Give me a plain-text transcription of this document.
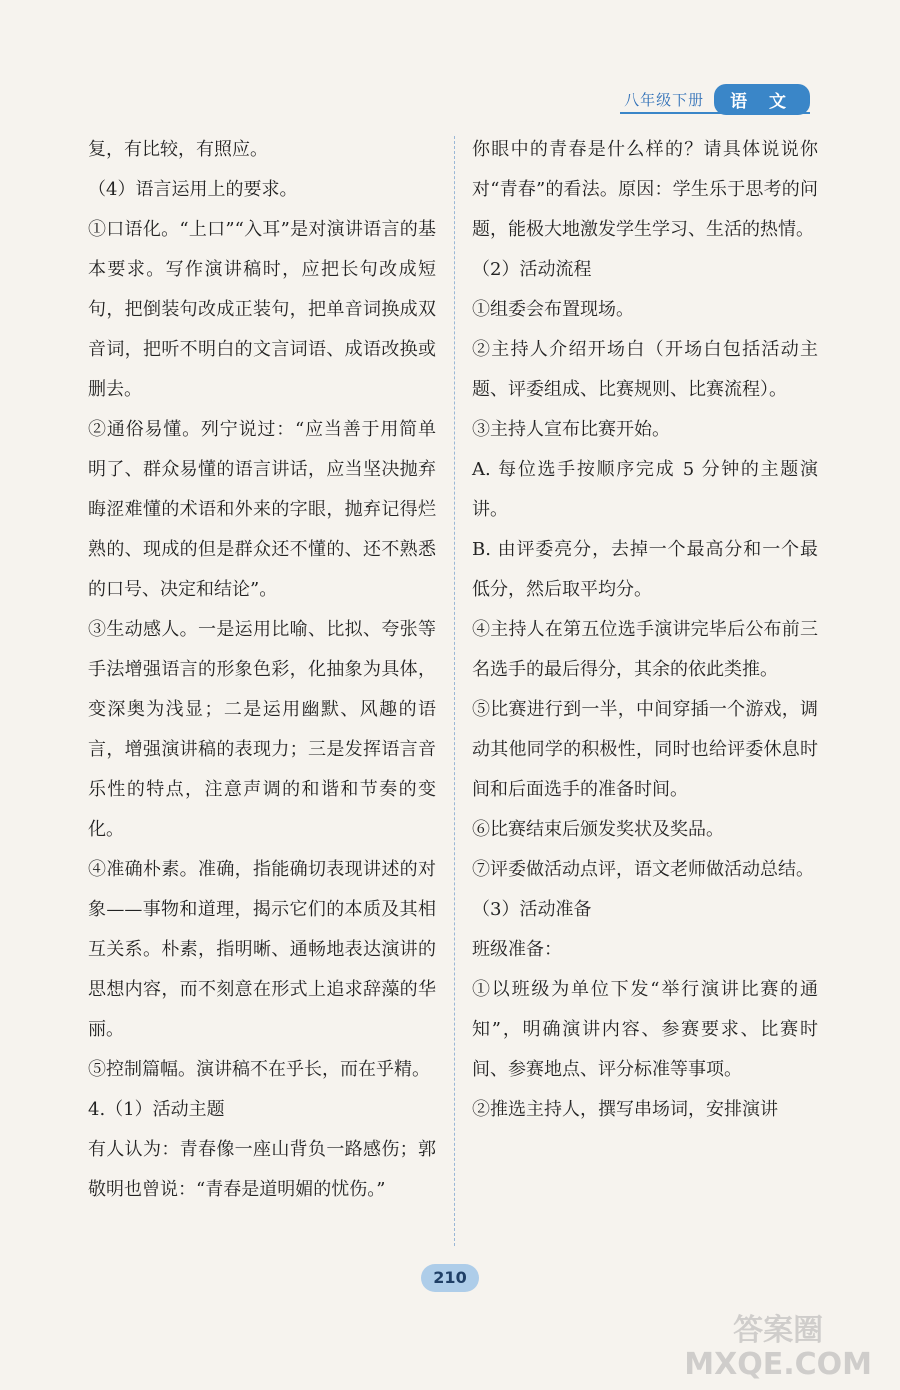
八年级下册	语 文

复，有比较，有照应。

（4）语言运用上的要求。

①口语化。“上口”“入耳”是对演讲语言的基本要求。写作演讲稿时，应把长句改成短句，把倒装句改成正装句，把单音词换成双音词，把听不明白的文言词语、成语改换或删去。

②通俗易懂。列宁说过：“应当善于用简单明了、群众易懂的语言讲话，应当坚决抛弃晦涩难懂的术语和外来的字眼，抛弃记得烂熟的、现成的但是群众还不懂的、还不熟悉的口号、决定和结论”。

③生动感人。一是运用比喻、比拟、夸张等手法增强语言的形象色彩，化抽象为具体，变深奥为浅显；二是运用幽默、风趣的语言，增强演讲稿的表现力；三是发挥语言音乐性的特点，注意声调的和谐和节奏的变化。

④准确朴素。准确，指能确切表现讲述的对象——事物和道理，揭示它们的本质及其相互关系。朴素，指明晰、通畅地表达演讲的思想内容，而不刻意在形式上追求辞藻的华丽。

⑤控制篇幅。演讲稿不在乎长，而在乎精。

4.（1）活动主题

有人认为：青春像一座山背负一路感伤；郭敬明也曾说：“青春是道明媚的忧伤。”

你眼中的青春是什么样的？请具体说说你对“青春”的看法。原因：学生乐于思考的问题，能极大地激发学生学习、生活的热情。

（2）活动流程

①组委会布置现场。

②主持人介绍开场白（开场白包括活动主题、评委组成、比赛规则、比赛流程）。

③主持人宣布比赛开始。

A. 每位选手按顺序完成 5 分钟的主题演讲。

B. 由评委亮分，去掉一个最高分和一个最低分，然后取平均分。

④主持人在第五位选手演讲完毕后公布前三名选手的最后得分，其余的依此类推。

⑤比赛进行到一半，中间穿插一个游戏，调动其他同学的积极性，同时也给评委休息时间和后面选手的准备时间。

⑥比赛结束后颁发奖状及奖品。

⑦评委做活动点评，语文老师做活动总结。

（3）活动准备

班级准备：

①以班级为单位下发“举行演讲比赛的通知”，明确演讲内容、参赛要求、比赛时间、参赛地点、评分标准等事项。

②推选主持人，撰写串场词，安排演讲

210
答案圈
MXQE.COM
